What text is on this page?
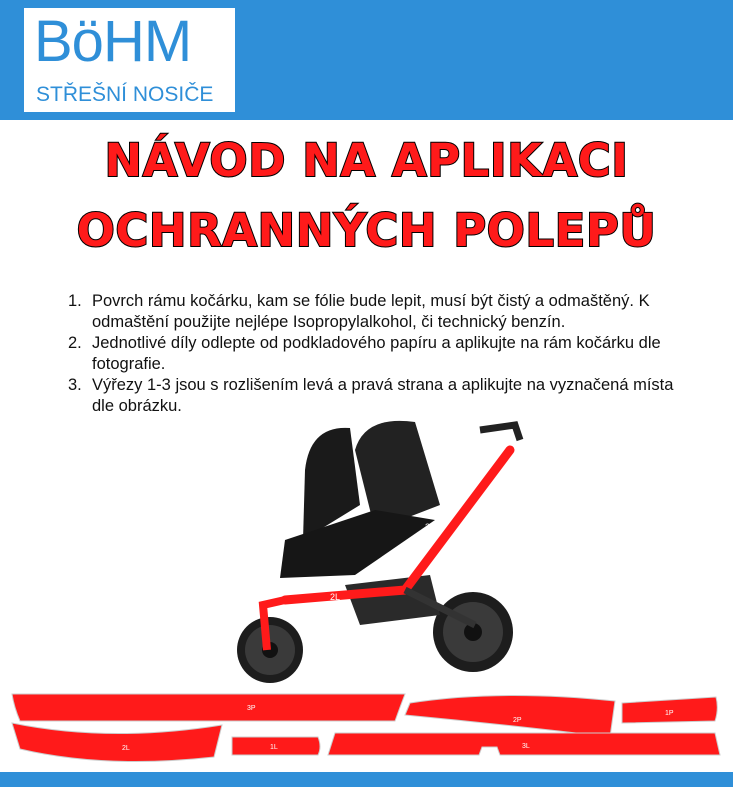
BöHM
STŘEŠNÍ NOSIČE
NÁVOD NA APLIKACI
OCHRANNÝCH POLEPŮ
1. Povrch rámu kočárku, kam se fólie bude lepit, musí být čistý a odmaštěný. K odmaštění použijte nejlépe Isopropylalkohol, či technický benzín.
2. Jednotlivé díly odlepte od podkladového papíru a aplikujte na rám kočárku dle fotografie.
3. Výřezy 1-3 jsou s rozlišením levá a pravá strana a aplikujte na vyznačená místa dle obrázku.
3L
2L
3P
2P
1P
2L	1L	3L
